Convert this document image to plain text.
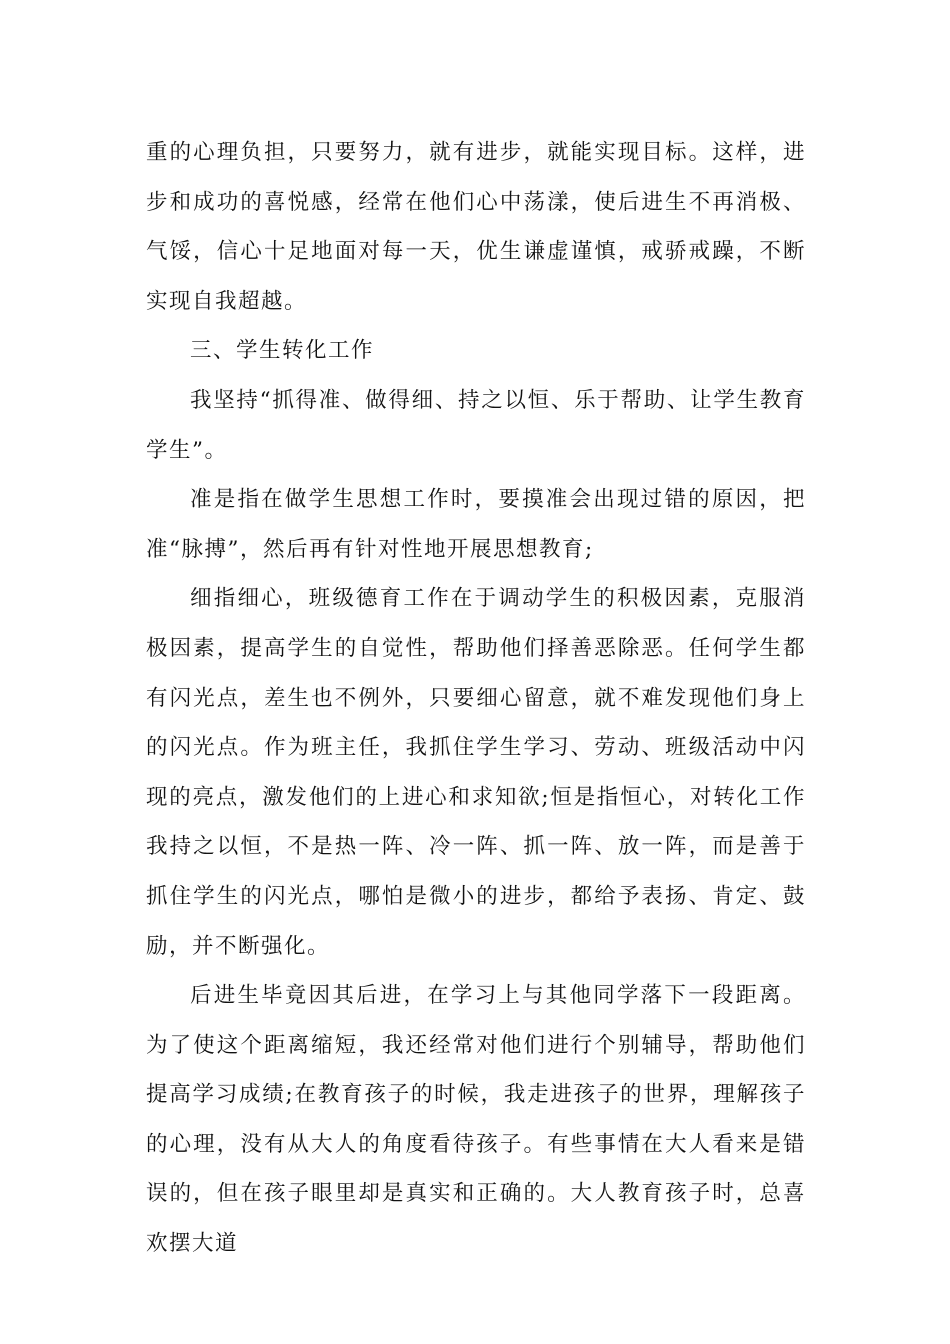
重的心理负担，只要努力，就有进步，就能实现目标。这样，进步和成功的喜悦感，经常在他们心中荡漾，使后进生不再消极、气馁，信心十足地面对每一天，优生谦虚谨慎，戒骄戒躁，不断实现自我超越。

三、学生转化工作

我坚持“抓得准、做得细、持之以恒、乐于帮助、让学生教育学生”。

准是指在做学生思想工作时，要摸准会出现过错的原因，把准“脉搏”，然后再有针对性地开展思想教育;

细指细心，班级德育工作在于调动学生的积极因素，克服消极因素，提高学生的自觉性，帮助他们择善恶除恶。任何学生都有闪光点，差生也不例外，只要细心留意，就不难发现他们身上的闪光点。作为班主任，我抓住学生学习、劳动、班级活动中闪现的亮点，激发他们的上进心和求知欲;恒是指恒心，对转化工作我持之以恒，不是热一阵、冷一阵、抓一阵、放一阵，而是善于抓住学生的闪光点，哪怕是微小的进步，都给予表扬、肯定、鼓励，并不断强化。

后进生毕竟因其后进，在学习上与其他同学落下一段距离。为了使这个距离缩短，我还经常对他们进行个别辅导，帮助他们提高学习成绩;在教育孩子的时候，我走进孩子的世界，理解孩子的心理，没有从大人的角度看待孩子。有些事情在大人看来是错误的，但在孩子眼里却是真实和正确的。大人教育孩子时，总喜欢摆大道
